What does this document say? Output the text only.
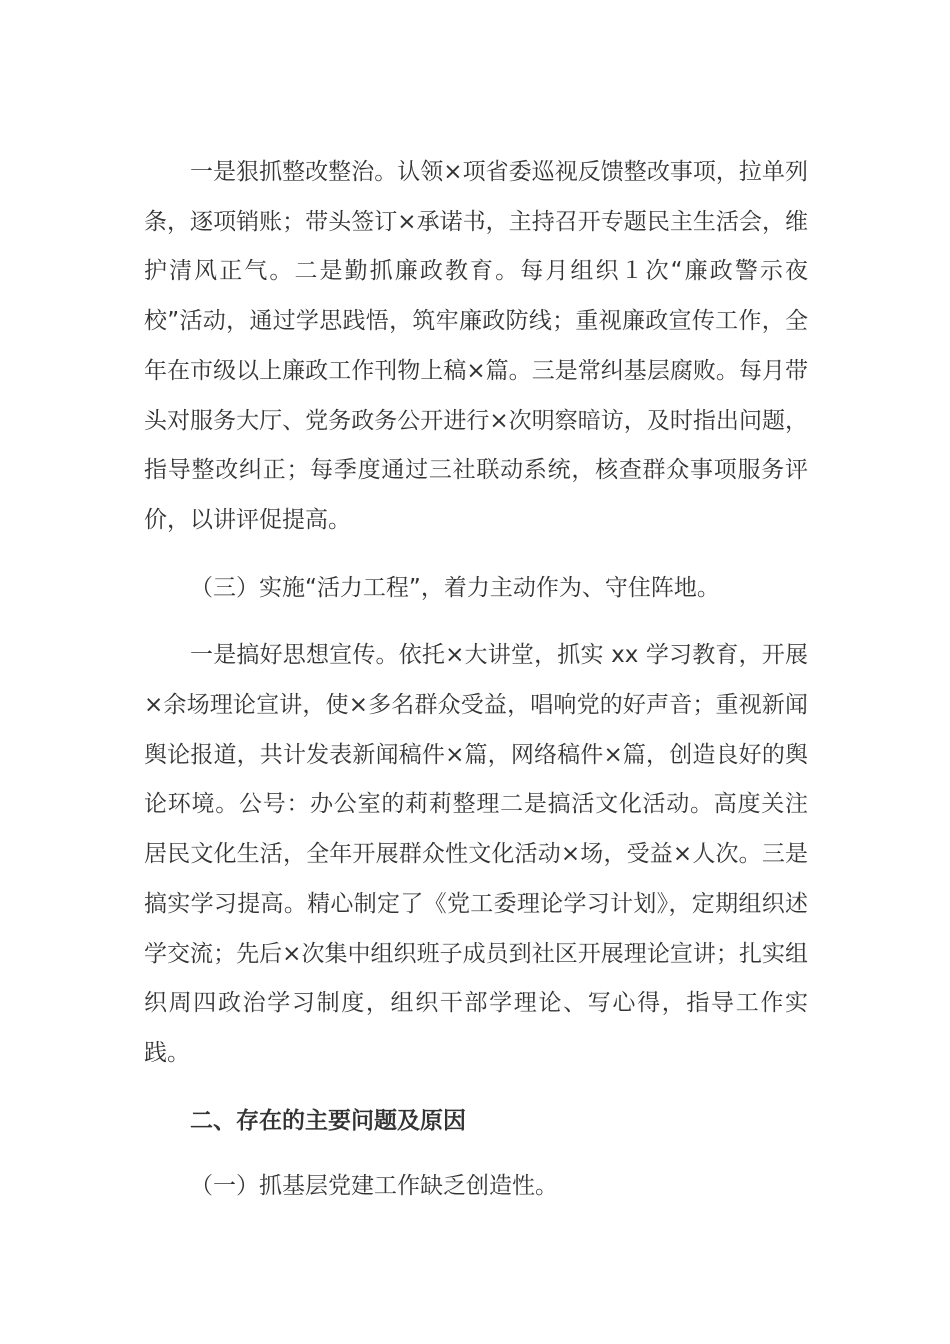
一是狠抓整改整治。认领×项省委巡视反馈整改事项，拉单列条，逐项销账；带头签订×承诺书，主持召开专题民主生活会，维护清风正气。二是勤抓廉政教育。每月组织１次“廉政警示夜校”活动，通过学思践悟，筑牢廉政防线；重视廉政宣传工作，全年在市级以上廉政工作刊物上稿×篇。三是常纠基层腐败。每月带头对服务大厅、党务政务公开进行×次明察暗访，及时指出问题，指导整改纠正；每季度通过三社联动系统，核查群众事项服务评价，以讲评促提高。

（三）实施“活力工程”，着力主动作为、守住阵地。

一是搞好思想宣传。依托×大讲堂，抓实 xx 学习教育，开展×余场理论宣讲，使×多名群众受益，唱响党的好声音；重视新闻舆论报道，共计发表新闻稿件×篇，网络稿件×篇，创造良好的舆论环境。公号：办公室的莉莉整理二是搞活文化活动。高度关注居民文化生活，全年开展群众性文化活动×场，受益×人次。三是搞实学习提高。精心制定了《党工委理论学习计划》，定期组织述学交流；先后×次集中组织班子成员到社区开展理论宣讲；扎实组织周四政治学习制度，组织干部学理论、写心得，指导工作实践。

二、存在的主要问题及原因

（一）抓基层党建工作缺乏创造性。
